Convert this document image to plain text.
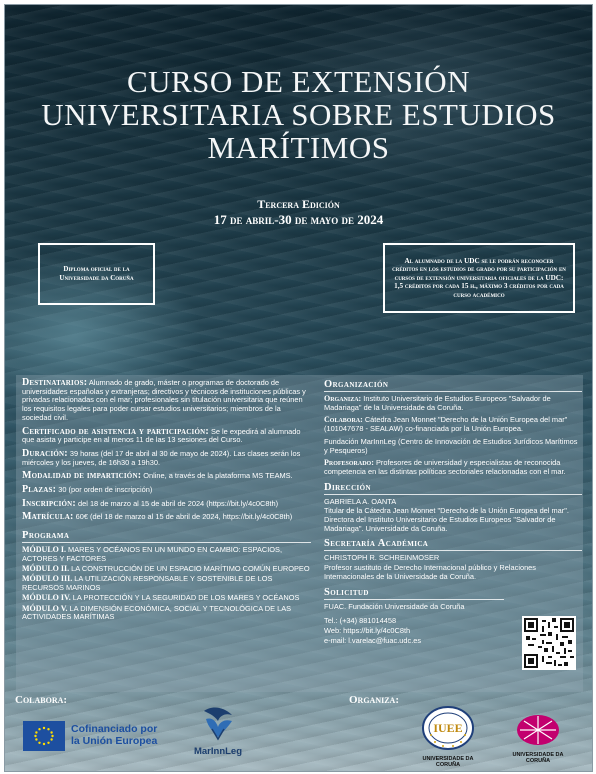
CURSO DE EXTENSIÓN
UNIVERSITARIA SOBRE ESTUDIOS
MARÍTIMOS
Tercera Edición
17 de abril-30 de mayo de 2024
Diploma oficial de la Universidade da Coruña
Al alumnado de la UDC se le podrán reconocer créditos en los estudios de grado por su participación en cursos de extensión universitaria oficiales de la UDC: 1,5 créditos por cada 15 h., máximo 3 créditos por cada curso académico

Destinatarios: Alumnado de grado, máster o programas de doctorado de universidades españolas y extranjeras; directivos y técnicos de instituciones públicas y privadas relacionadas con el mar; profesionales sin titulación universitaria que reúnen los requisitos legales para poder cursar estudios universitarios; miembros de la sociedad civil.

Certificado de asistencia y participación: Se le expedirá al alumnado que asista y participe en al menos 11 de las 13 sesiones del Curso.

Duración: 39 horas (del 17 de abril al 30 de mayo de 2024). Las clases serán los miércoles y los jueves, de 16h30 a 19h30.

Modalidad de impartición: Online, a través de la plataforma MS TEAMS.

Plazas: 30 (por orden de inscripción)

Inscripción: del 18 de marzo al 15 de abril de 2024 (https://bit.ly/4c0C8th)

Matrícula: 60€ (del 18 de marzo al 15 de abril de 2024, https://bit.ly/4c0C8th)

Programa

MÓDULO I. MARES Y OCÉANOS EN UN MUNDO EN CAMBIO: ESPACIOS, ACTORES Y FACTORES

MÓDULO II. LA CONSTRUCCIÓN DE UN ESPACIO MARÍTIMO COMÚN EUROPEO

MÓDULO III. LA UTILIZACIÓN RESPONSABLE Y SOSTENIBLE DE LOS RECURSOS MARINOS

MÓDULO IV. LA PROTECCIÓN Y LA SEGURIDAD DE LOS MARES Y OCÉANOS

MÓDULO V. LA DIMENSIÓN ECONÓMICA, SOCIAL Y TECNOLÓGICA DE LAS ACTIVIDADES MARÍTIMAS

Organización

Organiza: Instituto Universitario de Estudios Europeos "Salvador de Madariaga" de la Universidade da Coruña.

Colabora: Cátedra Jean Monnet "Derecho de la Unión Europea del mar" (101047678 - SEALAW) co-financiada por la Unión Europea.

Fundación MarInnLeg (Centro de Innovación de Estudios Jurídicos Marítimos y Pesqueros)

Profesorado: Profesores de universidad y especialistas de reconocida competencia en las distintas políticas sectoriales relacionadas con el mar.

Dirección

GABRIELA A. OANTA

Titular de la Cátedra Jean Monnet "Derecho de la Unión Europea del mar". Directora del Instituto Universitario de Estudios Europeos "Salvador de Madariaga". Universidade da Coruña.

Secretaría Académica

CHRISTOPH R. SCHREINMOSER

Profesor sustituto de Derecho Internacional público y Relaciones Internacionales de la Universidade da Coruña.

Solicitud

FUAC. Fundación Universidade da Coruña

Tel.: (+34) 881014458

Web: https://bit.ly/4c0C8th

e-mail: l.varelac@fuac.udc.es

Colabora:	Organiza:
Cofinanciado por
la Unión Europea
MarInnLeg
IUEE
UNIVERSIDADE DA CORUÑA
UNIVERSIDADE DA CORUÑA
